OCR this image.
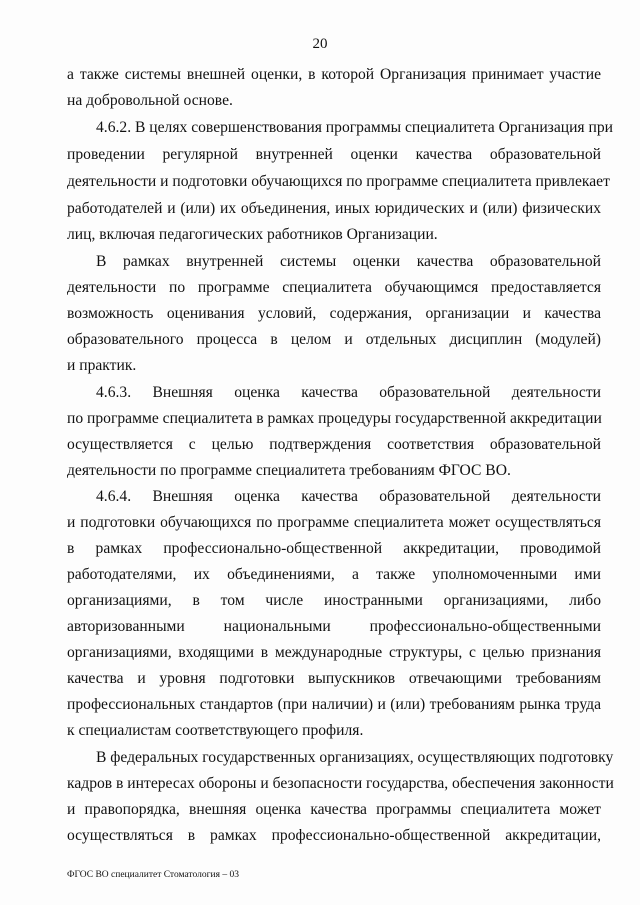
20
а также системы внешней оценки, в которой Организация принимает участие
на добровольной основе.
4.6.2. В целях совершенствования программы специалитета Организация при
проведении регулярной внутренней оценки качества образовательной
деятельности и подготовки обучающихся по программе специалитета привлекает
работодателей и (или) их объединения, иных юридических и (или) физических
лиц, включая педагогических работников Организации.
В рамках внутренней системы оценки качества образовательной
деятельности по программе специалитета обучающимся предоставляется
возможность оценивания условий, содержания, организации и качества
образовательного процесса в целом и отдельных дисциплин (модулей)
и практик.
4.6.3. Внешняя оценка качества образовательной деятельности
по программе специалитета в рамках процедуры государственной аккредитации
осуществляется с целью подтверждения соответствия образовательной
деятельности по программе специалитета требованиям ФГОС ВО.
4.6.4. Внешняя оценка качества образовательной деятельности
и подготовки обучающихся по программе специалитета может осуществляться
в рамках профессионально-общественной аккредитации, проводимой
работодателями, их объединениями, а также уполномоченными ими
организациями, в том числе иностранными организациями, либо
авторизованными национальными профессионально-общественными
организациями, входящими в международные структуры, с целью признания
качества и уровня подготовки выпускников отвечающими требованиям
профессиональных стандартов (при наличии) и (или) требованиям рынка труда
к специалистам соответствующего профиля.
В федеральных государственных организациях, осуществляющих подготовку
кадров в интересах обороны и безопасности государства, обеспечения законности
и правопорядка, внешняя оценка качества программы специалитета может
осуществляться в рамках профессионально-общественной аккредитации,
ФГОС ВО специалитет Стоматология – 03
